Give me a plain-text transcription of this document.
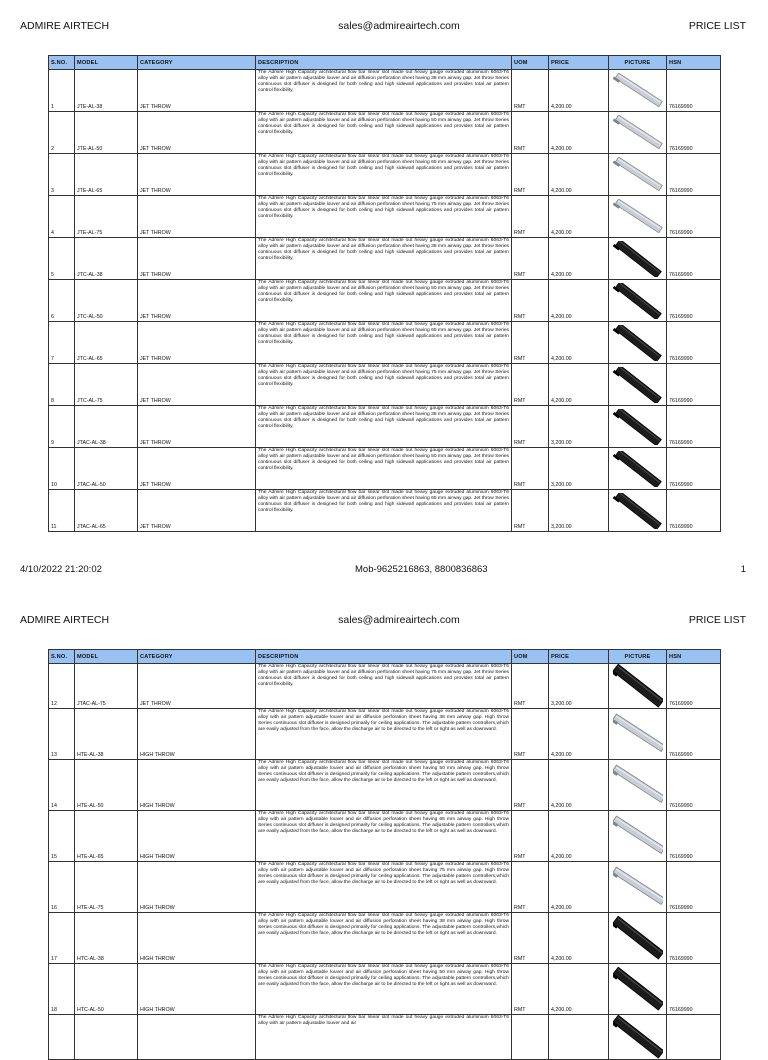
ADMIRE AIRTECH	sales@admireairtech.com	PRICE LIST
S.NO.	MODEL	CATEGORY	DESCRIPTION	UOM	PRICE	PICTURE	HSN
1	JTE-AL-38	JET THROW	The Admire High Capacity architectural flow bar linear slot made out heavy gauge extruded aluminium 6063-T6 alloy with air pattern adjustable louver and air diffusion perforation sheet having 38 mm airway gap. Jet throw Series continuous slot diffuser is designed for both ceiling and high sidewall applications and provides total air pattern control flexibility.	RMT	4,200.00		76169990
2	JTE-AL-50	JET THROW	The Admire High Capacity architectural flow bar linear slot made out heavy gauge extruded aluminium 6063-T6 alloy with air pattern adjustable louver and air diffusion perforation sheet having 50 mm airway gap. Jet throw Series continuous slot diffuser is designed for both ceiling and high sidewall applications and provides total air pattern control flexibility.	RMT	4,200.00		76169990
3	JTE-AL-65	JET THROW	The Admire High Capacity architectural flow bar linear slot made out heavy gauge extruded aluminium 6063-T6 alloy with air pattern adjustable louver and air diffusion perforation sheet having 65 mm airway gap. Jet throw Series continuous slot diffuser is designed for both ceiling and high sidewall applications and provides total air pattern control flexibility.	RMT	4,200.00		76169990
4	JTE-AL-75	JET THROW	The Admire High Capacity architectural flow bar linear slot made out heavy gauge extruded aluminium 6063-T6 alloy with air pattern adjustable louver and air diffusion perforation sheet having 75 mm airway gap. Jet throw Series continuous slot diffuser is designed for both ceiling and high sidewall applications and provides total air pattern control flexibility.	RMT	4,200.00		76169990
5	JTC-AL-38	JET THROW	The Admire High Capacity architectural flow bar linear slot made out heavy gauge extruded aluminium 6063-T6 alloy with air pattern adjustable louver and air diffusion perforation sheet having 38 mm airway gap. Jet throw Series continuous slot diffuser is designed for both ceiling and high sidewall applications and provides total air pattern control flexibility.	RMT	4,200.00		76169990
6	JTC-AL-50	JET THROW	The Admire High Capacity architectural flow bar linear slot made out heavy gauge extruded aluminium 6063-T6 alloy with air pattern adjustable louver and air diffusion perforation sheet having 50 mm airway gap. Jet throw Series continuous slot diffuser is designed for both ceiling and high sidewall applications and provides total air pattern control flexibility.	RMT	4,200.00		76169990
7	JTC-AL-65	JET THROW	The Admire High Capacity architectural flow bar linear slot made out heavy gauge extruded aluminium 6063-T6 alloy with air pattern adjustable louver and air diffusion perforation sheet having 65 mm airway gap. Jet throw Series continuous slot diffuser is designed for both ceiling and high sidewall applications and provides total air pattern control flexibility.	RMT	4,200.00		76169990
8	JTC-AL-75	JET THROW	The Admire High Capacity architectural flow bar linear slot made out heavy gauge extruded aluminium 6063-T6 alloy with air pattern adjustable louver and air diffusion perforation sheet having 75 mm airway gap. Jet throw Series continuous slot diffuser is designed for both ceiling and high sidewall applications and provides total air pattern control flexibility.	RMT	4,200.00		76169990
9	JTAC-AL-38	JET THROW	The Admire High Capacity architectural flow bar linear slot made out heavy gauge extruded aluminium 6063-T6 alloy with air pattern adjustable louver and air diffusion perforation sheet having 38 mm airway gap. Jet throw Series continuous slot diffuser is designed for both ceiling and high sidewall applications and provides total air pattern control flexibility.	RMT	3,200.00		76169990
10	JTAC-AL-50	JET THROW	The Admire High Capacity architectural flow bar linear slot made out heavy gauge extruded aluminium 6063-T6 alloy with air pattern adjustable louver and air diffusion perforation sheet having 50 mm airway gap. Jet throw Series continuous slot diffuser is designed for both ceiling and high sidewall applications and provides total air pattern control flexibility.	RMT	3,200.00		76169990
11	JTAC-AL-65	JET THROW	The Admire High Capacity architectural flow bar linear slot made out heavy gauge extruded aluminium 6063-T6 alloy with air pattern adjustable louver and air diffusion perforation sheet having 65 mm airway gap. Jet throw Series continuous slot diffuser is designed for both ceiling and high sidewall applications and provides total air pattern control flexibility.	RMT	3,200.00		76169990
4/10/2022 21:20:02	Mob-9625216863, 8800836863	1
ADMIRE AIRTECH	sales@admireairtech.com	PRICE LIST
S.NO.	MODEL	CATEGORY	DESCRIPTION	UOM	PRICE	PICTURE	HSN
12	JTAC-AL-75	JET THROW	The Admire High Capacity architectural flow bar linear slot made out heavy gauge extruded aluminium 6063-T6 alloy with air pattern adjustable louver and air diffusion perforation sheet having 75 mm airway gap. Jet throw Series continuous slot diffuser is designed for both ceiling and high sidewall applications and provides total air pattern control flexibility.	RMT	3,200.00		76169990
13	HTE-AL-38	HIGH THROW	The Admire High Capacity architectural flow bar linear slot made out heavy gauge extruded aluminium 6063-T6 alloy with air pattern adjustable louver and air diffusion perforation sheet having 38 mm airway gap. High throw Series continuous slot diffuser is designed primarily for ceiling applications. The adjustable pattern controllers,which are easily adjusted from the face, allow the discharge air to be directed to the left or right as well as downward.	RMT	4,200.00		76169990
14	HTE-AL-50	HIGH THROW	The Admire High Capacity architectural flow bar linear slot made out heavy gauge extruded aluminium 6063-T6 alloy with air pattern adjustable louver and air diffusion perforation sheet having 50 mm airway gap. High throw Series continuous slot diffuser is designed primarily for ceiling applications. The adjustable pattern controllers,which are easily adjusted from the face, allow the discharge air to be directed to the left or right as well as downward.	RMT	4,200.00		76169990
15	HTE-AL-65	HIGH THROW	The Admire High Capacity architectural flow bar linear slot made out heavy gauge extruded aluminium 6063-T6 alloy with air pattern adjustable louver and air diffusion perforation sheet having 65 mm airway gap. High throw Series continuous slot diffuser is designed primarily for ceiling applications. The adjustable pattern controllers,which are easily adjusted from the face, allow the discharge air to be directed to the left or right as well as downward.	RMT	4,200.00		76169990
16	HTE-AL-75	HIGH THROW	The Admire High Capacity architectural flow bar linear slot made out heavy gauge extruded aluminium 6063-T6 alloy with air pattern adjustable louver and air diffusion perforation sheet having 75 mm airway gap. High throw Series continuous slot diffuser is designed primarily for ceiling applications. The adjustable pattern controllers,which are easily adjusted from the face, allow the discharge air to be directed to the left or right as well as downward.	RMT	4,200.00		76169990
17	HTC-AL-38	HIGH THROW	The Admire High Capacity architectural flow bar linear slot made out heavy gauge extruded aluminium 6063-T6 alloy with air pattern adjustable louver and air diffusion perforation sheet having 38 mm airway gap. High throw Series continuous slot diffuser is designed primarily for ceiling applications. The adjustable pattern controllers,which are easily adjusted from the face, allow the discharge air to be directed to the left or right as well as downward.	RMT	4,200.00		76169990
18	HTC-AL-50	HIGH THROW	The Admire High Capacity architectural flow bar linear slot made out heavy gauge extruded aluminium 6063-T6 alloy with air pattern adjustable louver and air diffusion perforation sheet having 50 mm airway gap. High throw Series continuous slot diffuser is designed primarily for ceiling applications. The adjustable pattern controllers,which are easily adjusted from the face, allow the discharge air to be directed to the left or right as well as downward.	RMT	4,200.00		76169990
			The Admire High Capacity architectural flow bar linear slot made out heavy gauge extruded aluminium 6063-T6 alloy with air pattern adjustable louver and air			
